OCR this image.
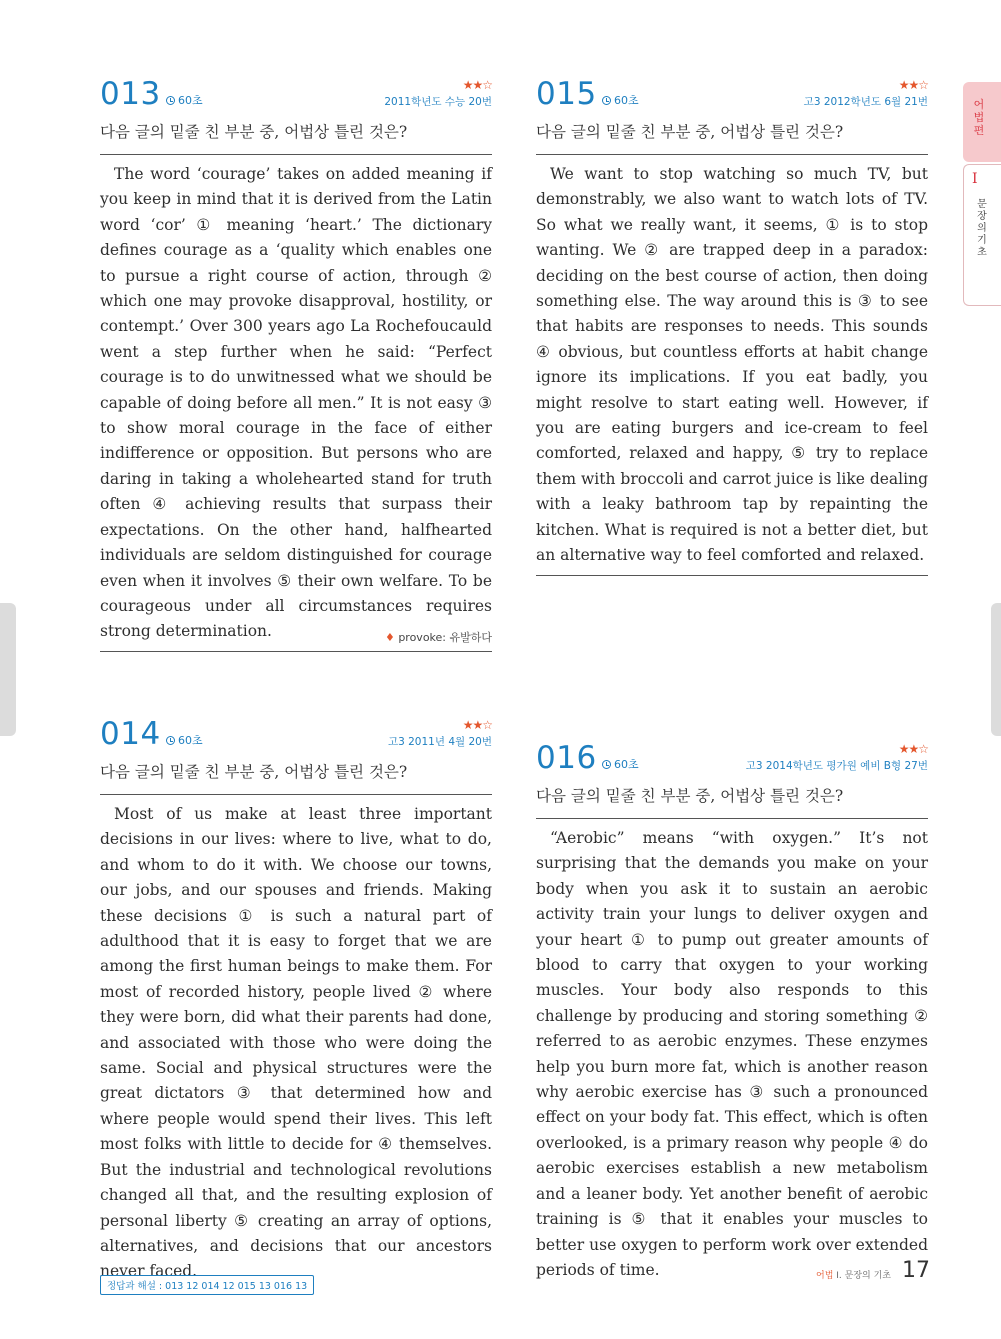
013 60초
★★☆
2011학년도 수능 20번
다음 글의 밑줄 친 부분 중, 어법상 틀린 것은?
The word ‘courage’ takes on added meaning if you keep in mind that it is derived from the Latin word ‘cor’ ① meaning ‘heart.’ The dictionary defines courage as a ‘quality which enables one to pursue a right course of action, through ② which one may provoke disapproval, hostility, or contempt.’ Over 300 years ago La Rochefoucauld went a step further when he said: “Perfect courage is to do unwitnessed what we should be capable of doing before all men.” It is not easy ③ to show moral courage in the face of either indifference or opposition. But persons who are daring in taking a wholehearted stand for truth often ④ achieving results that surpass their expectations. On the other hand, halfhearted individuals are seldom distinguished for courage even when it involves ⑤ their own welfare. To be courageous under all circumstances requires strong determination.	♦ provoke: 유발하다
015 60초
★★☆
고3 2012학년도 6월 21번
다음 글의 밑줄 친 부분 중, 어법상 틀린 것은?
We want to stop watching so much TV, but demonstrably, we also want to watch lots of TV. So what we really want, it seems, ① is to stop wanting. We ② are trapped deep in a paradox: deciding on the best course of action, then doing something else. The way around this is ③ to see that habits are responses to needs. This sounds ④ obvious, but countless efforts at habit change ignore its implications. If you eat badly, you might resolve to start eating well. However, if you are eating burgers and ice-cream to feel comforted, relaxed and happy, ⑤ try to replace them with broccoli and carrot juice is like dealing with a leaky bathroom tap by repainting the kitchen. What is required is not a better diet, but an alternative way to feel comforted and relaxed.
014 60초
★★☆
고3 2011년 4월 20번
다음 글의 밑줄 친 부분 중, 어법상 틀린 것은?
Most of us make at least three important decisions in our lives: where to live, what to do, and whom to do it with. We choose our towns, our jobs, and our spouses and friends. Making these decisions ① is such a natural part of adulthood that it is easy to forget that we are among the first human beings to make them. For most of recorded history, people lived ② where they were born, did what their parents had done, and associated with those who were doing the same. Social and physical structures were the great dictators ③ that determined how and where people would spend their lives. This left most folks with little to decide for ④ themselves. But the industrial and technological revolutions changed all that, and the resulting explosion of personal liberty ⑤ creating an array of options, alternatives, and decisions that our ancestors never faced.
016 60초
★★☆
고3 2014학년도 평가원 예비 B형 27번
다음 글의 밑줄 친 부분 중, 어법상 틀린 것은?
“Aerobic” means “with oxygen.” It’s not surprising that the demands you make on your body when you ask it to sustain an aerobic activity train your lungs to deliver oxygen and your heart ① to pump out greater amounts of blood to carry that oxygen to your working muscles. Your body also responds to this challenge by producing and storing something ② referred to as aerobic enzymes. These enzymes help you burn more fat, which is another reason why aerobic exercise has ③ such a pronounced effect on your body fat. This effect, which is often overlooked, is a primary reason why people ④ do aerobic exercises establish a new metabolism and a leaner body. Yet another benefit of aerobic training is ⑤ that it enables your muscles to better use oxygen to perform work over extended periods of time.
어법편
I
문장의 기초
정답과 해설 : 013 12 014 12 015 13 016 13
어법 I. 문장의 기초 17
